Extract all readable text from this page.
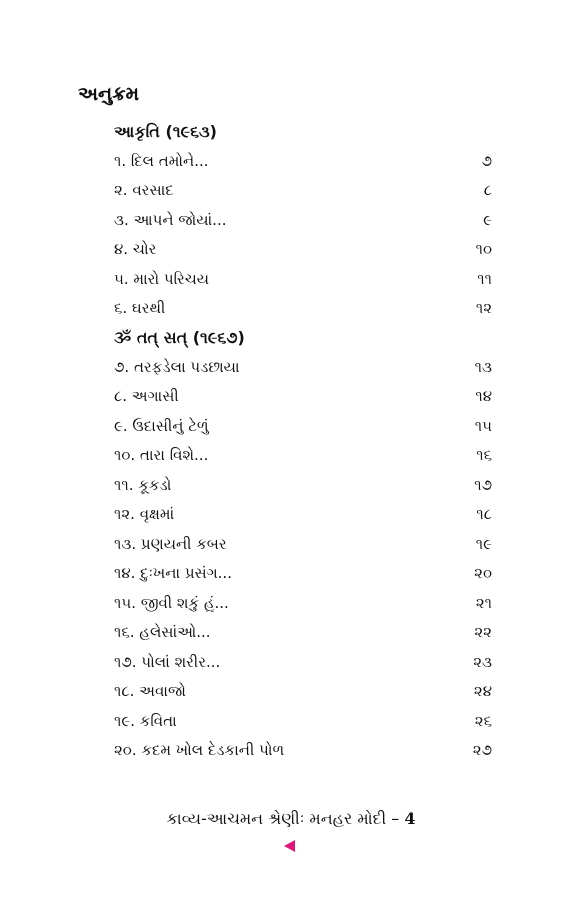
અનુક્રમ
આકૃતિ (૧૯૬૩)
૧. દિલ તમોને...	૭
૨. વરસાદ	૮
૩. આપને જોયાં...	૯
૪. ચોર	૧૦
૫. મારો પરિચય	૧૧
૬. ઘરથી	૧૨
ૐ તત્ સત્ (૧૯૬૭)
૭. તરફડેલા પડછાયા	૧૩
૮. અગાસી	૧૪
૯. ઉદાસીનું ટેળું	૧૫
૧૦. તારા વિશે...	૧૬
૧૧. કૂકડો	૧૭
૧૨. વૃક્ષમાં	૧૮
૧૩. પ્રણયની કબર	૧૯
૧૪. દુઃખના પ્રસંગ...	૨૦
૧૫. જીવી શકું હું...	૨૧
૧૬. હલેસાંઓ...	૨૨
૧૭. પોલાં શરીર...	૨૩
૧૮. અવાજો	૨૪
૧૯. કવિતા	૨૬
૨૦. કદમ ખોલ દેડકાની પોળ	૨૭
કાવ્ય-આચમન શ્રેણીઃ મનહર મોદી – 4
